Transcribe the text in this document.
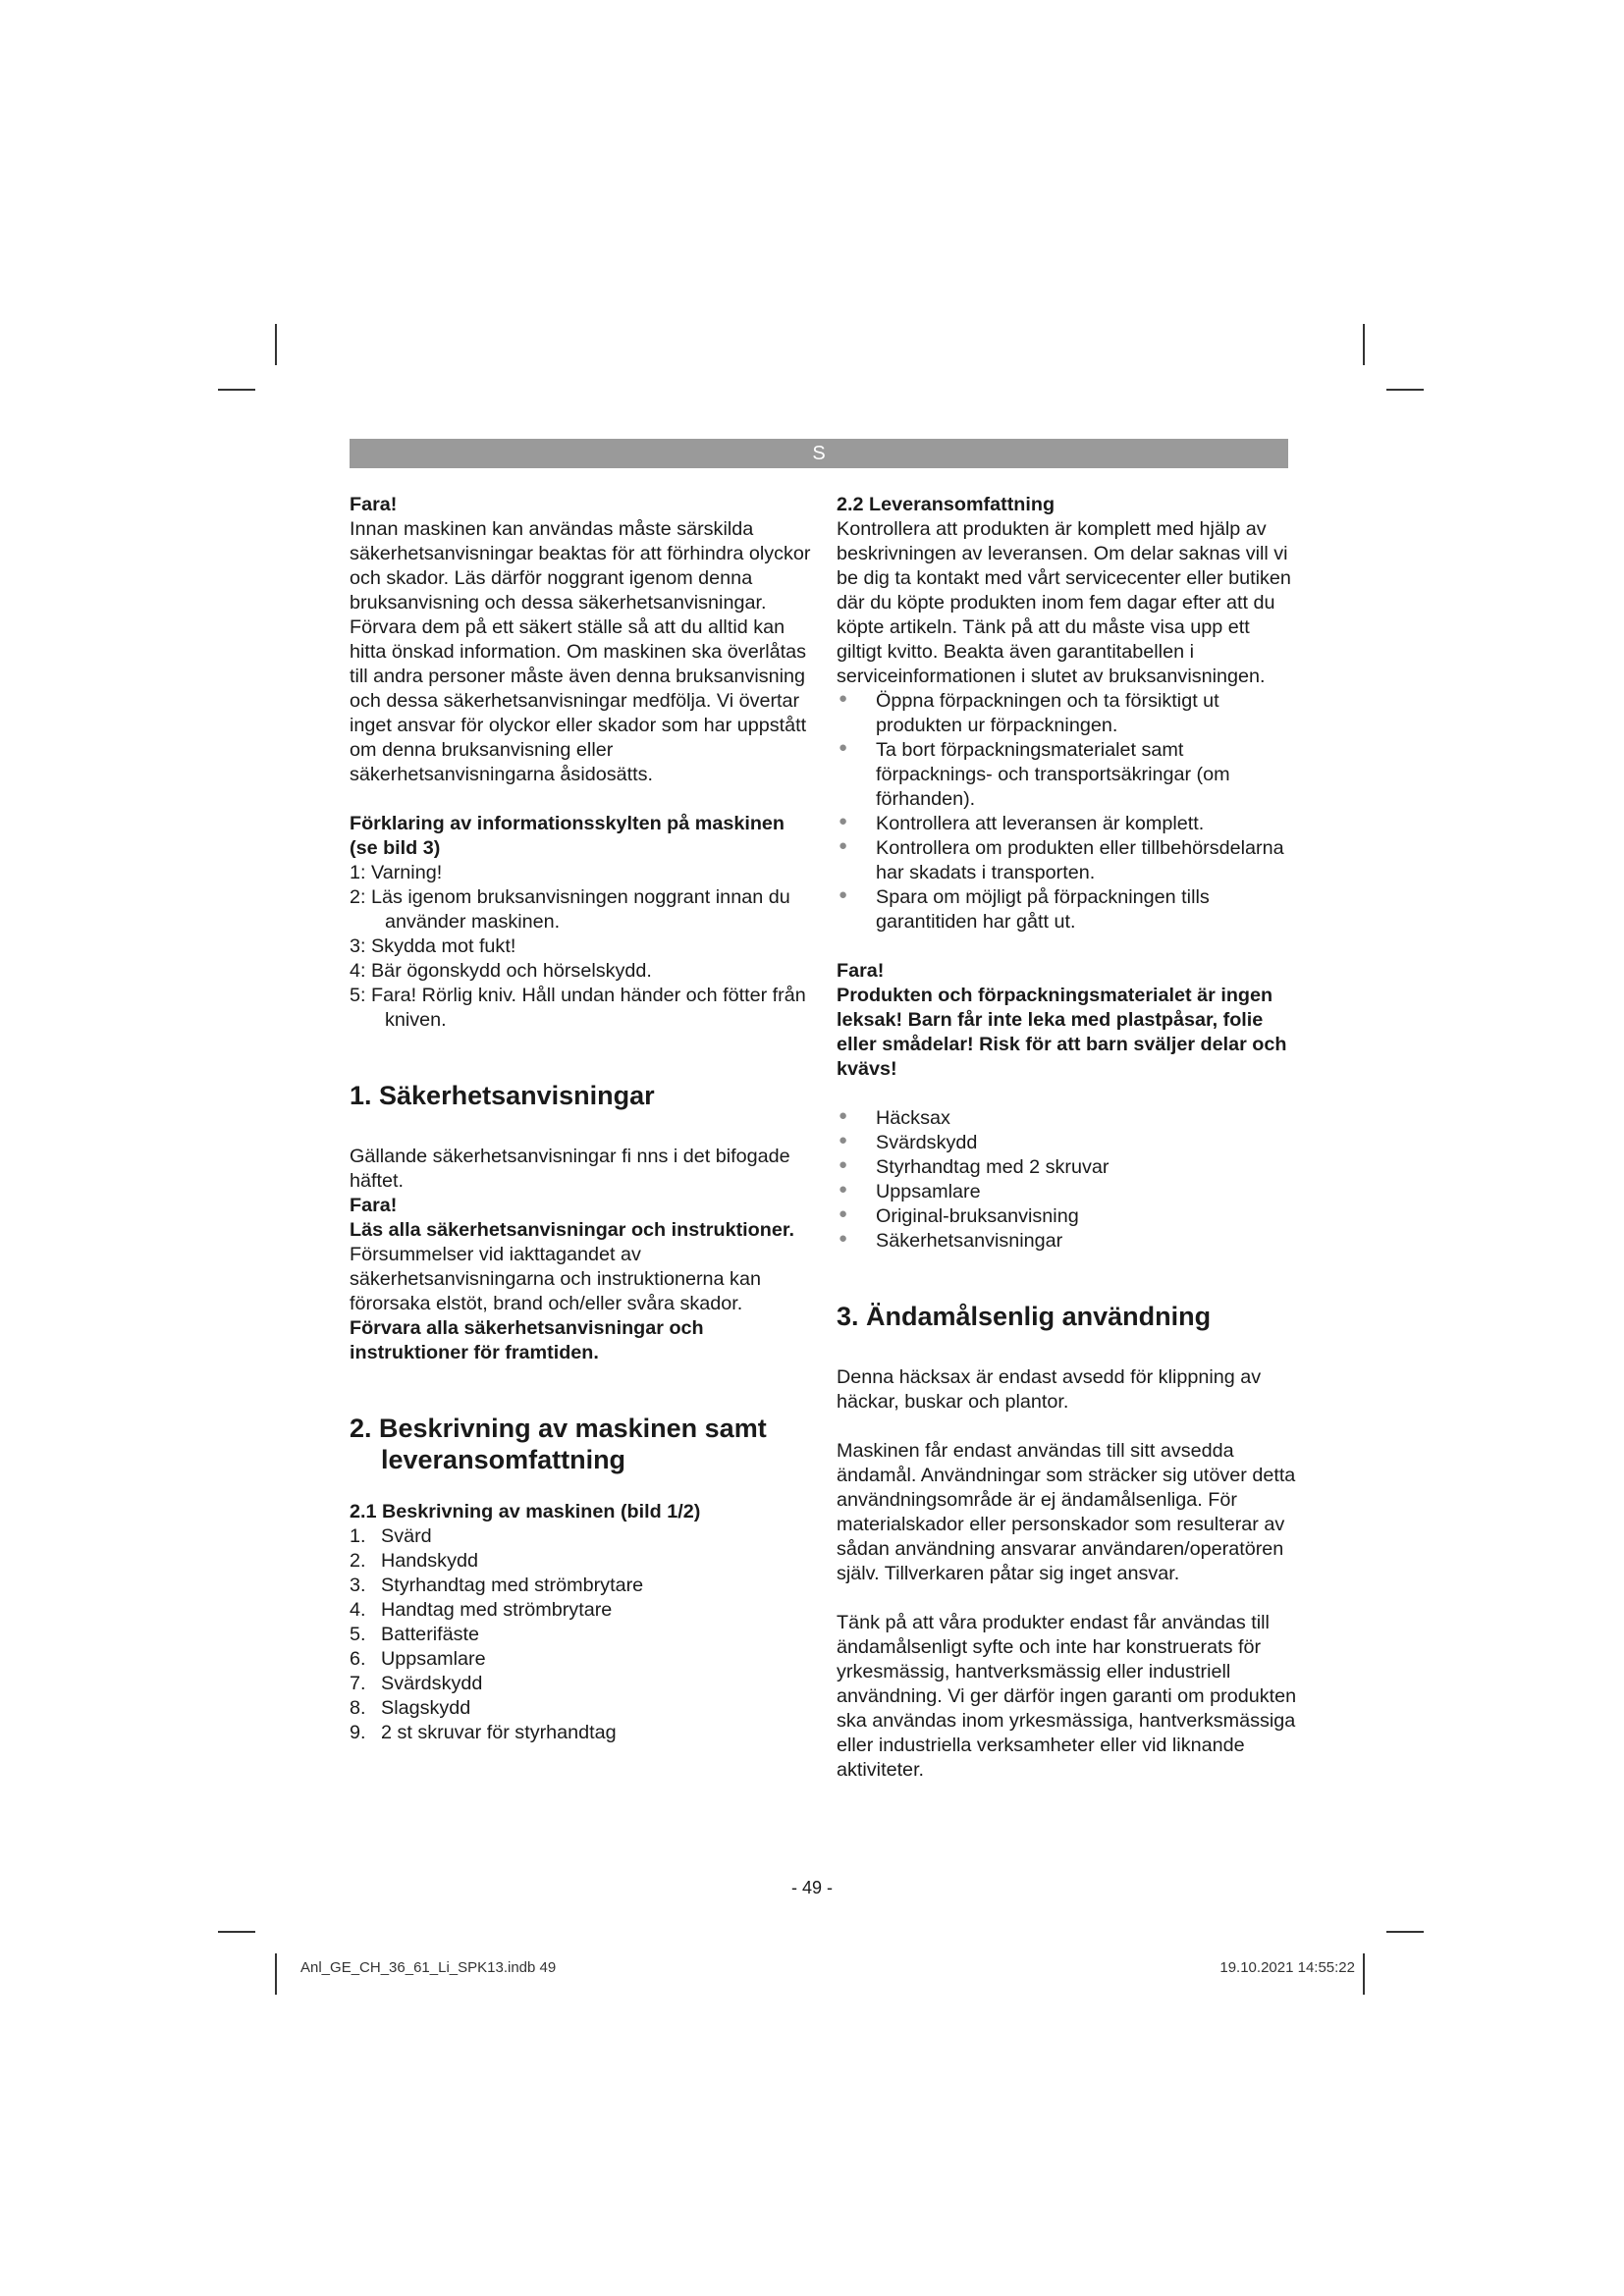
S

Fara!

Innan maskinen kan användas måste särskilda säkerhetsanvisningar beaktas för att förhindra olyckor och skador. Läs därför noggrant igenom denna bruksanvisning och dessa säkerhetsanvisningar. Förvara dem på ett säkert ställe så att du alltid kan hitta önskad information. Om maskinen ska överlåtas till andra personer måste även denna bruksanvisning och dessa säkerhetsanvisningar medfölja. Vi övertar inget ansvar för olyckor eller skador som har uppstått om denna bruksanvisning eller säkerhetsanvisningarna åsidosätts.

Förklaring av informationsskylten på maskinen (se bild 3)

1: Varning!

2: Läs igenom bruksanvisningen noggrant innan du använder maskinen.

3: Skydda mot fukt!

4: Bär ögonskydd och hörselskydd.

5: Fara! Rörlig kniv. Håll undan händer och fötter från kniven.

1. Säkerhetsanvisningar

Gällande säkerhetsanvisningar fi nns i det bifogade häftet.

Fara!

Läs alla säkerhetsanvisningar och instruktioner. Försummelser vid iakttagandet av säkerhetsanvisningarna och instruktionerna kan förorsaka elstöt, brand och/eller svåra skador. Förvara alla säkerhetsanvisningar och instruktioner för framtiden.

2. Beskrivning av maskinen samt leveransomfattning

2.1 Beskrivning av maskinen (bild 1/2)

1. Svärd
2. Handskydd
3. Styrhandtag med strömbrytare
4. Handtag med strömbrytare
5. Batterifäste
6. Uppsamlare
7. Svärdskydd
8. Slagskydd
9. 2 st skruvar för styrhandtag

2.2 Leveransomfattning

Kontrollera att produkten är komplett med hjälp av beskrivningen av leveransen. Om delar saknas vill vi be dig ta kontakt med vårt servicecenter eller butiken där du köpte produkten inom fem dagar efter att du köpte artikeln. Tänk på att du måste visa upp ett giltigt kvitto. Beakta även garantitabellen i serviceinformationen i slutet av bruksanvisningen.

● Öppna förpackningen och ta försiktigt ut produkten ur förpackningen.
● Ta bort förpackningsmaterialet samt förpacknings- och transportsäkringar (om förhanden).
● Kontrollera att leveransen är komplett.
● Kontrollera om produkten eller tillbehörsdelarna har skadats i transporten.
● Spara om möjligt på förpackningen tills garantitiden har gått ut.

Fara!

Produkten och förpackningsmaterialet är ingen leksak! Barn får inte leka med plastpåsar, folie eller smådelar! Risk för att barn sväljer delar och kvävs!

● Häcksax
● Svärdskydd
● Styrhandtag med 2 skruvar
● Uppsamlare
● Original-bruksanvisning
● Säkerhetsanvisningar
3. Ändamålsenlig användning

Denna häcksax är endast avsedd för klippning av häckar, buskar och plantor.

Maskinen får endast användas till sitt avsedda ändamål. Användningar som sträcker sig utöver detta användningsområde är ej ändamålsenliga. För materialskador eller personskador som resulterar av sådan användning ansvarar användaren/operatören själv. Tillverkaren påtar sig inget ansvar.

Tänk på att våra produkter endast får användas till ändamålsenligt syfte och inte har konstruerats för yrkesmässig, hantverksmässig eller industriell användning. Vi ger därför ingen garanti om produkten ska användas inom yrkesmässiga, hantverksmässiga eller industriella verksamheter eller vid liknande aktiviteter.

- 49 -
Anl_GE_CH_36_61_Li_SPK13.indb 49	19.10.2021 14:55:22
